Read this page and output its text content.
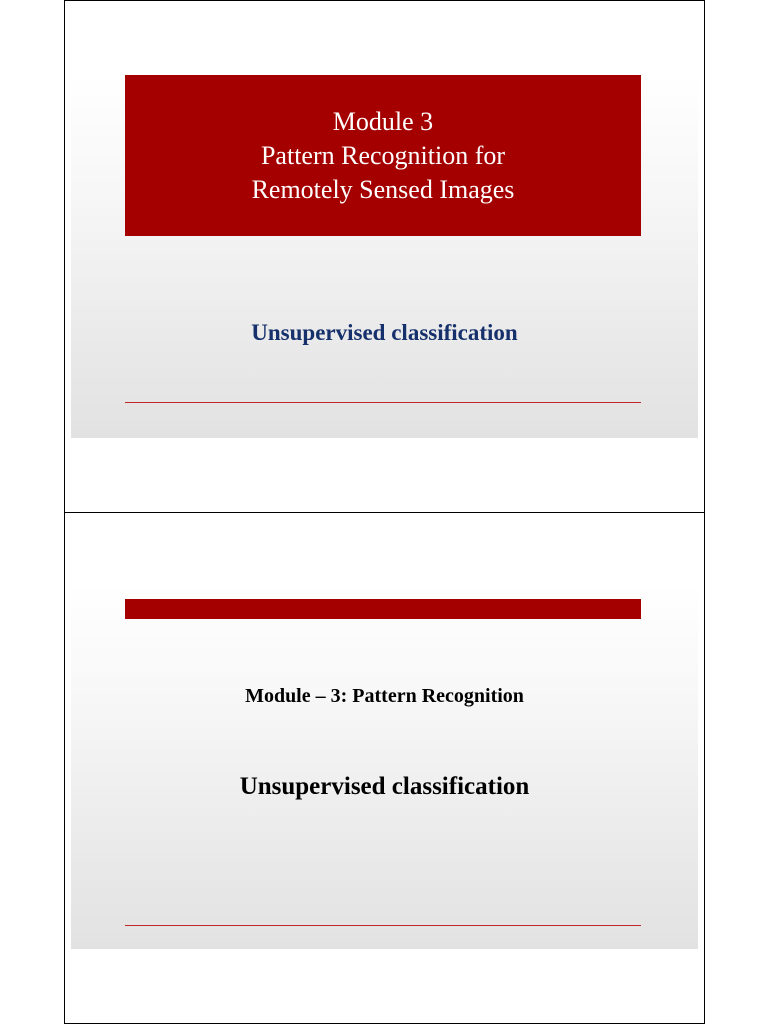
Module 3
Pattern Recognition for
Remotely Sensed Images
Unsupervised classification
Module – 3: Pattern Recognition
Unsupervised classification
